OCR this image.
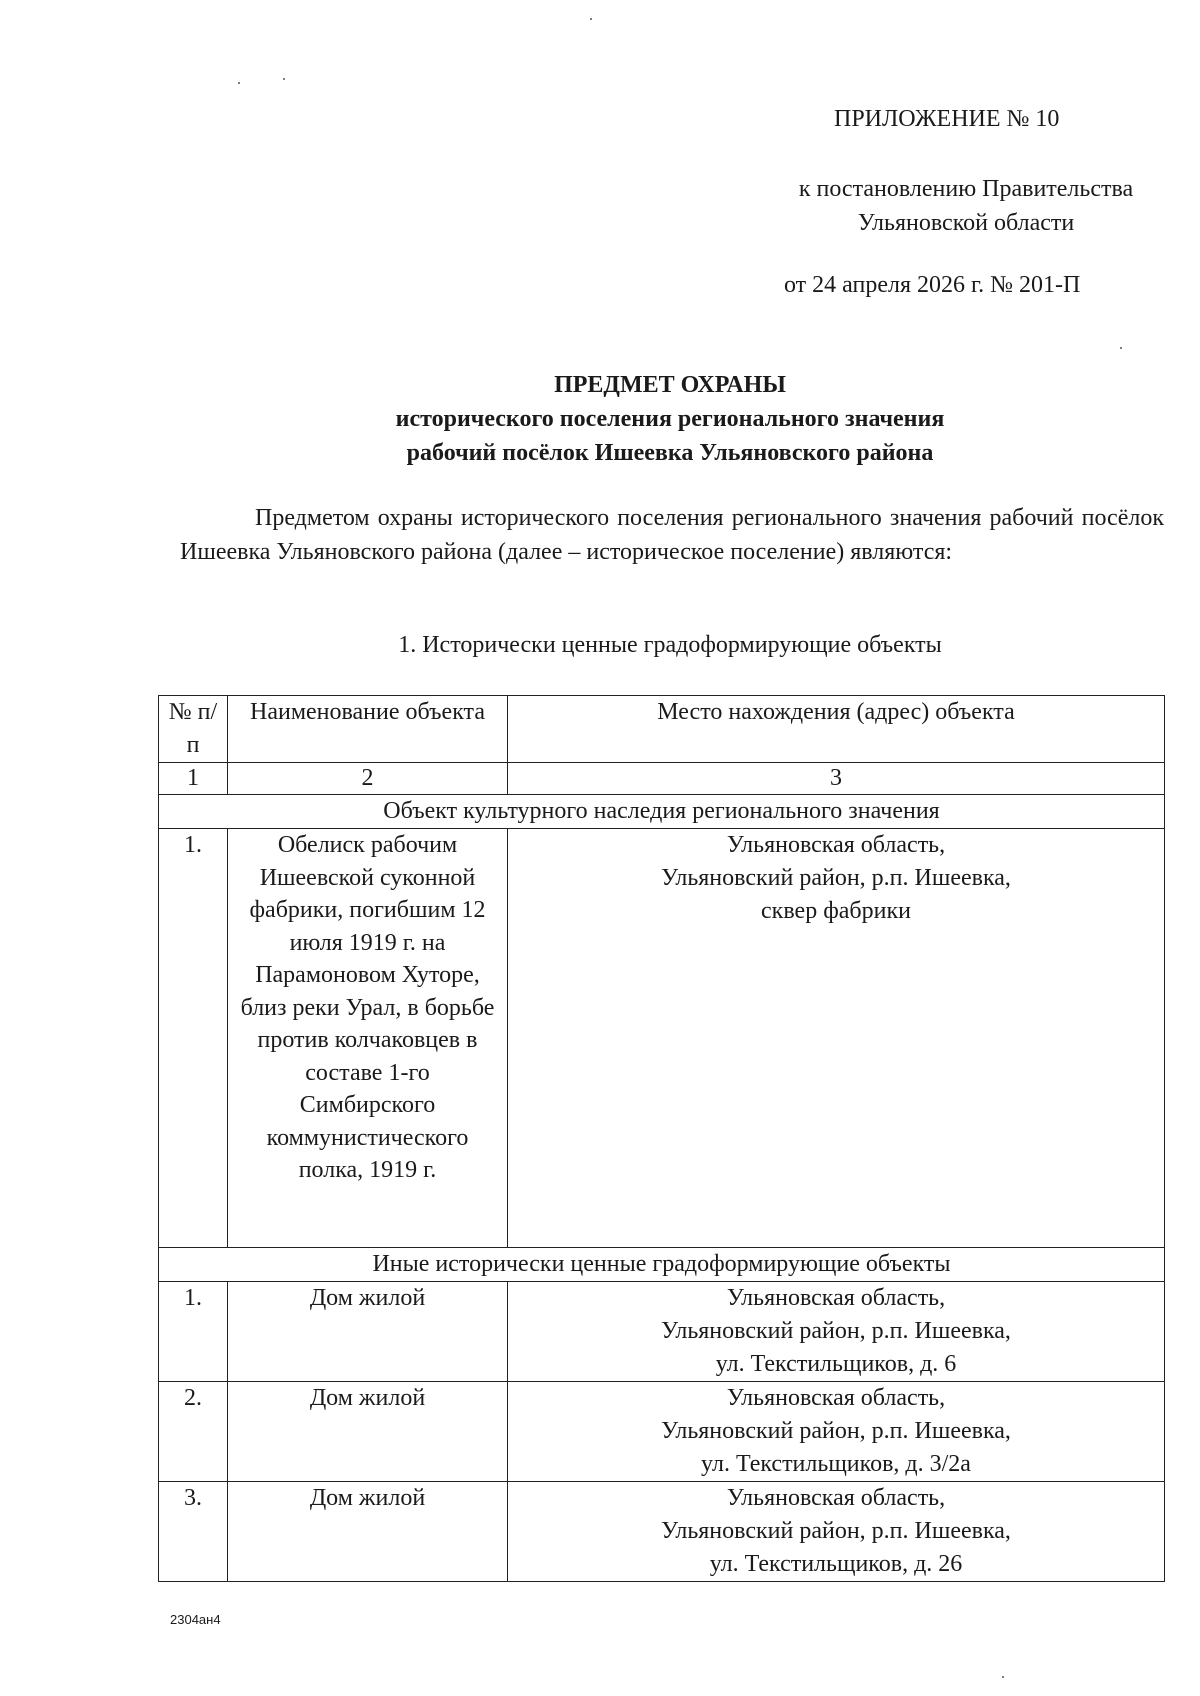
ПРИЛОЖЕНИЕ № 10
к постановлению Правительства
Ульяновской области
от 24 апреля 2026 г. № 201-П
ПРЕДМЕТ ОХРАНЫ
исторического поселения регионального значения
рабочий посёлок Ишеевка Ульяновского района
Предметом охраны исторического поселения регионального значения рабочий посёлок Ишеевка Ульяновского района (далее – историческое поселение) являются:
1. Исторически ценные градоформирующие объекты
№ п/п	Наименование объекта	Место нахождения (адрес) объекта
1	2	3
Объект культурного наследия регионального значения		
1.	Обелиск рабочим Ишеевской суконной фабрики, погибшим 12 июля 1919 г. на Парамоновом Хуторе, близ реки Урал, в борьбе против колчаковцев в составе 1-го Симбирского коммунистического полка, 1919 г.	Ульяновская область,
Ульяновский район, р.п. Ишеевка,
сквер фабрики

Иные исторически ценные градоформирующие объекты		
1.	Дом жилой	Ульяновская область,
Ульяновский район, р.п. Ишеевка,
ул. Текстильщиков, д. 6

2.	Дом жилой	Ульяновская область,
Ульяновский район, р.п. Ишеевка,
ул. Текстильщиков, д. 3/2а

3.	Дом жилой	Ульяновская область,
Ульяновский район, р.п. Ишеевка,
ул. Текстильщиков, д. 26
2304ан4
